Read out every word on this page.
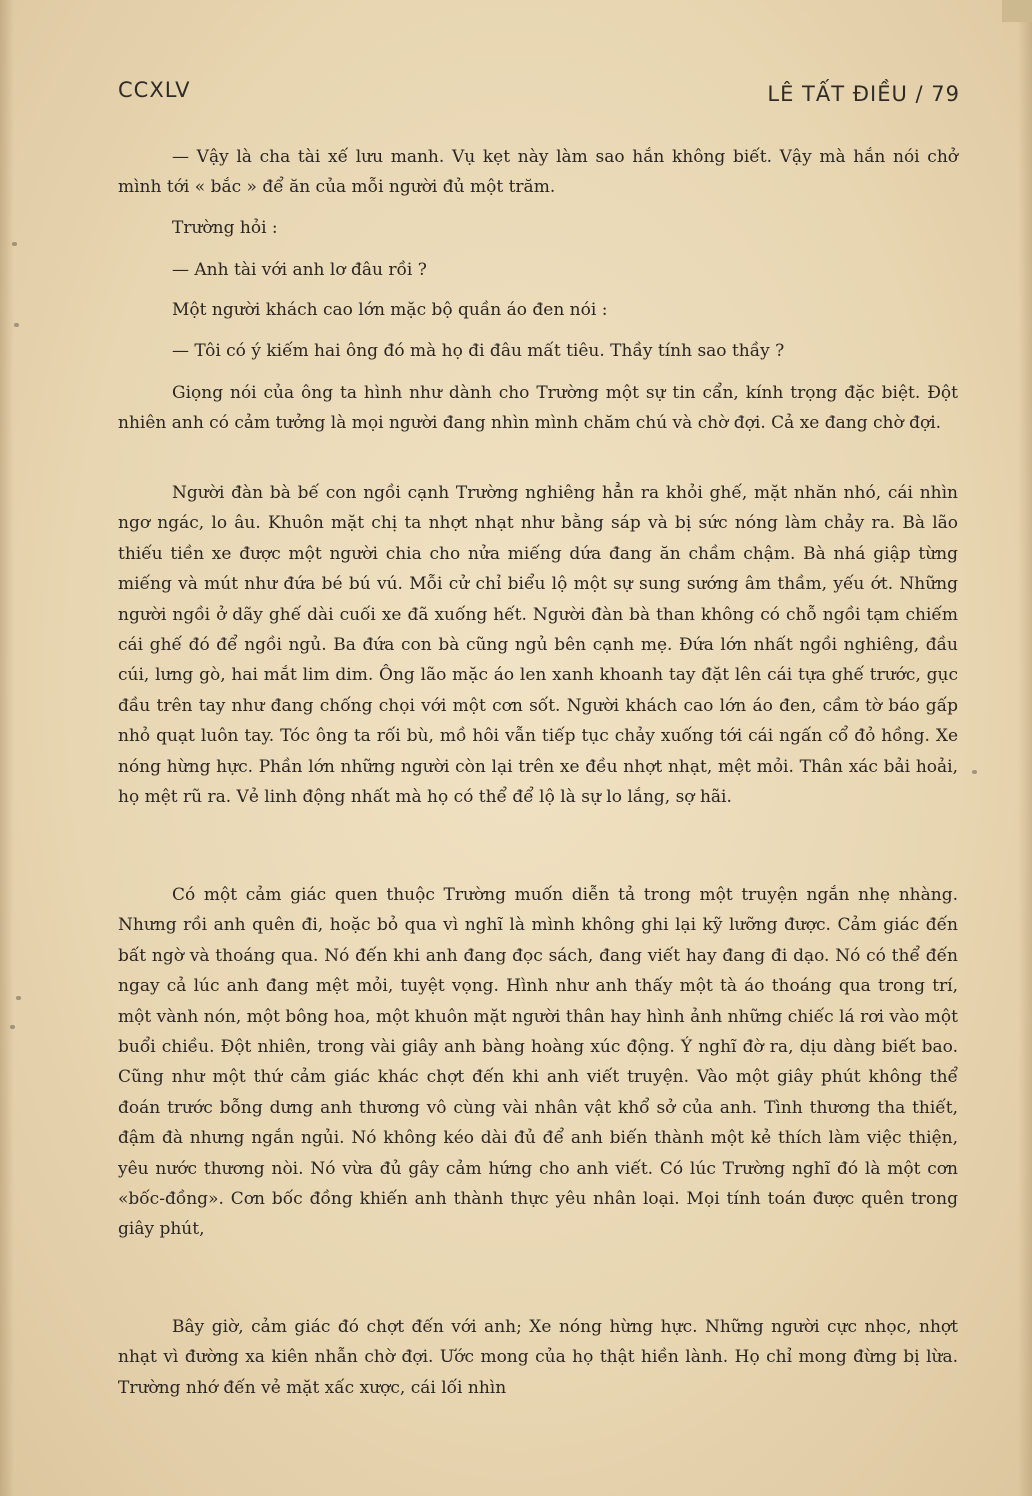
CCXLV	LÊ TẤT ĐIỀU / 79

— Vậy là cha tài xế lưu manh. Vụ kẹt này làm sao hắn không biết. Vậy mà hắn nói chở mình tới « bắc » để ăn của mỗi người đủ một trăm.

Trường hỏi :

— Anh tài với anh lơ đâu rồi ?

Một người khách cao lớn mặc bộ quần áo đen nói :

— Tôi có ý kiếm hai ông đó mà họ đi đâu mất tiêu. Thầy tính sao thầy ?

Giọng nói của ông ta hình như dành cho Trường một sự tin cẩn, kính trọng đặc biệt. Đột nhiên anh có cảm tưởng là mọi người đang nhìn mình chăm chú và chờ đợi. Cả xe đang chờ đợi.

Người đàn bà bế con ngồi cạnh Trường nghiêng hẳn ra khỏi ghế, mặt nhăn nhó, cái nhìn ngơ ngác, lo âu. Khuôn mặt chị ta nhợt nhạt như bằng sáp và bị sức nóng làm chảy ra. Bà lão thiếu tiền xe được một người chia cho nửa miếng dứa đang ăn chầm chậm. Bà nhá giập từng miếng và mút như đứa bé bú vú. Mỗi cử chỉ biểu lộ một sự sung sướng âm thầm, yếu ớt. Những người ngồi ở dãy ghế dài cuối xe đã xuống hết. Người đàn bà than không có chỗ ngồi tạm chiếm cái ghế đó để ngồi ngủ. Ba đứa con bà cũng ngủ bên cạnh mẹ. Đứa lớn nhất ngồi nghiêng, đầu cúi, lưng gò, hai mắt lim dim. Ông lão mặc áo len xanh khoanh tay đặt lên cái tựa ghế trước, gục đầu trên tay như đang chống chọi với một cơn sốt. Người khách cao lớn áo đen, cầm tờ báo gấp nhỏ quạt luôn tay. Tóc ông ta rối bù, mồ hôi vẫn tiếp tục chảy xuống tới cái ngấn cổ đỏ hồng. Xe nóng hừng hực. Phần lớn những người còn lại trên xe đều nhợt nhạt, mệt mỏi. Thân xác bải hoải, họ mệt rũ ra. Vẻ linh động nhất mà họ có thể để lộ là sự lo lắng, sợ hãi.

Có một cảm giác quen thuộc Trường muốn diễn tả trong một truyện ngắn nhẹ nhàng. Nhưng rồi anh quên đi, hoặc bỏ qua vì nghĩ là mình không ghi lại kỹ lưỡng được. Cảm giác đến bất ngờ và thoáng qua. Nó đến khi anh đang đọc sách, đang viết hay đang đi dạo. Nó có thể đến ngay cả lúc anh đang mệt mỏi, tuyệt vọng. Hình như anh thấy một tà áo thoáng qua trong trí, một vành nón, một bông hoa, một khuôn mặt người thân hay hình ảnh những chiếc lá rơi vào một buổi chiều. Đột nhiên, trong vài giây anh bàng hoàng xúc động. Ý nghĩ đờ ra, dịu dàng biết bao. Cũng như một thứ cảm giác khác chợt đến khi anh viết truyện. Vào một giây phút không thể đoán trước bỗng dưng anh thương vô cùng vài nhân vật khổ sở của anh. Tình thương tha thiết, đậm đà nhưng ngắn ngủi. Nó không kéo dài đủ để anh biến thành một kẻ thích làm việc thiện, yêu nước thương nòi. Nó vừa đủ gây cảm hứng cho anh viết. Có lúc Trường nghĩ đó là một cơn «bốc-đồng». Cơn bốc đồng khiến anh thành thực yêu nhân loại. Mọi tính toán được quên trong giây phút,

Bây giờ, cảm giác đó chợt đến với anh; Xe nóng hừng hực. Những người cực nhọc, nhợt nhạt vì đường xa kiên nhẫn chờ đợi. Ước mong của họ thật hiền lành. Họ chỉ mong đừng bị lừa. Trường nhớ đến vẻ mặt xấc xược, cái lối nhìn
